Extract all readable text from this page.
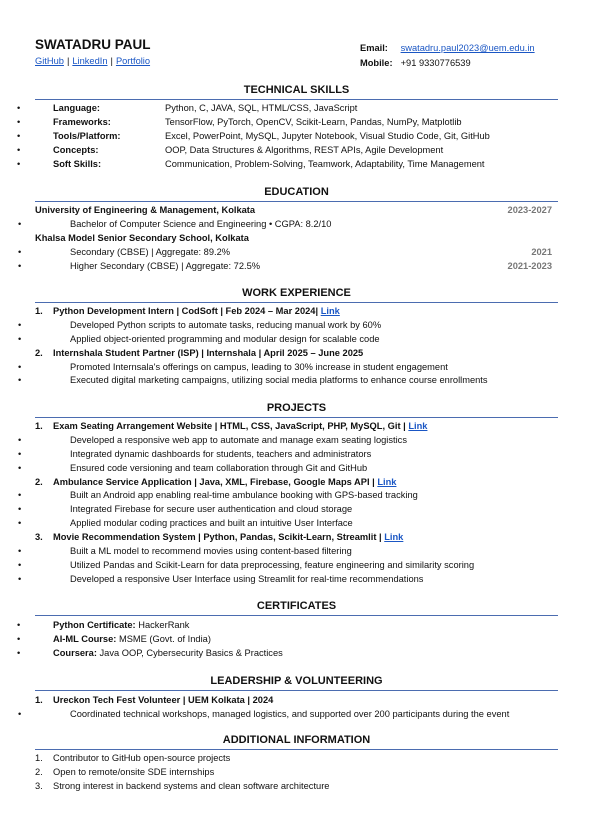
SWATADRU PAUL
GitHub | LinkedIn | Portfolio
Email: swatadru.paul2023@uem.edu.in
Mobile: +91 9330776539
TECHNICAL SKILLS
Language:	Python, C, JAVA, SQL, HTML/CSS, JavaScript
Frameworks:	TensorFlow, PyTorch, OpenCV, Scikit-Learn, Pandas, NumPy, Matplotlib
Tools/Platform:	Excel, PowerPoint, MySQL, Jupyter Notebook, Visual Studio Code, Git, GitHub
Concepts:	OOP, Data Structures & Algorithms, REST APIs, Agile Development
Soft Skills:	Communication, Problem-Solving, Teamwork, Adaptability, Time Management
EDUCATION
University of Engineering & Management, Kolkata	2023-2027
• Bachelor of Computer Science and Engineering • CGPA: 8.2/10
Khalsa Model Senior Secondary School, Kolkata
• Secondary (CBSE) | Aggregate: 89.2%	2021
• Higher Secondary (CBSE) | Aggregate: 72.5%	2021-2023
WORK EXPERIENCE
1. Python Development Intern | CodSoft | Feb 2024 – Mar 2024| Link
• Developed Python scripts to automate tasks, reducing manual work by 60%
• Applied object-oriented programming and modular design for scalable code
2. Internshala Student Partner (ISP) | Internshala | April 2025 – June 2025
• Promoted Internsala's offerings on campus, leading to 30% increase in student engagement
• Executed digital marketing campaigns, utilizing social media platforms to enhance course enrollments
PROJECTS
1. Exam Seating Arrangement Website | HTML, CSS, JavaScript, PHP, MySQL, Git | Link
• Developed a responsive web app to automate and manage exam seating logistics
• Integrated dynamic dashboards for students, teachers and administrators
• Ensured code versioning and team collaboration through Git and GitHub
2. Ambulance Service Application | Java, XML, Firebase, Google Maps API | Link
• Built an Android app enabling real-time ambulance booking with GPS-based tracking
• Integrated Firebase for secure user authentication and cloud storage
• Applied modular coding practices and built an intuitive User Interface
3. Movie Recommendation System | Python, Pandas, Scikit-Learn, Streamlit | Link
• Built a ML model to recommend movies using content-based filtering
• Utilized Pandas and Scikit-Learn for data preprocessing, feature engineering and similarity scoring
• Developed a responsive User Interface using Streamlit for real-time recommendations
CERTIFICATES
Python Certificate: HackerRank
AI-ML Course: MSME (Govt. of India)
Coursera: Java OOP, Cybersecurity Basics & Practices
LEADERSHIP & VOLUNTEERING
1. Ureckon Tech Fest Volunteer | UEM Kolkata | 2024
• Coordinated technical workshops, managed logistics, and supported over 200 participants during the event
ADDITIONAL INFORMATION
1. Contributor to GitHub open-source projects
2. Open to remote/onsite SDE internships
3. Strong interest in backend systems and clean software architecture
